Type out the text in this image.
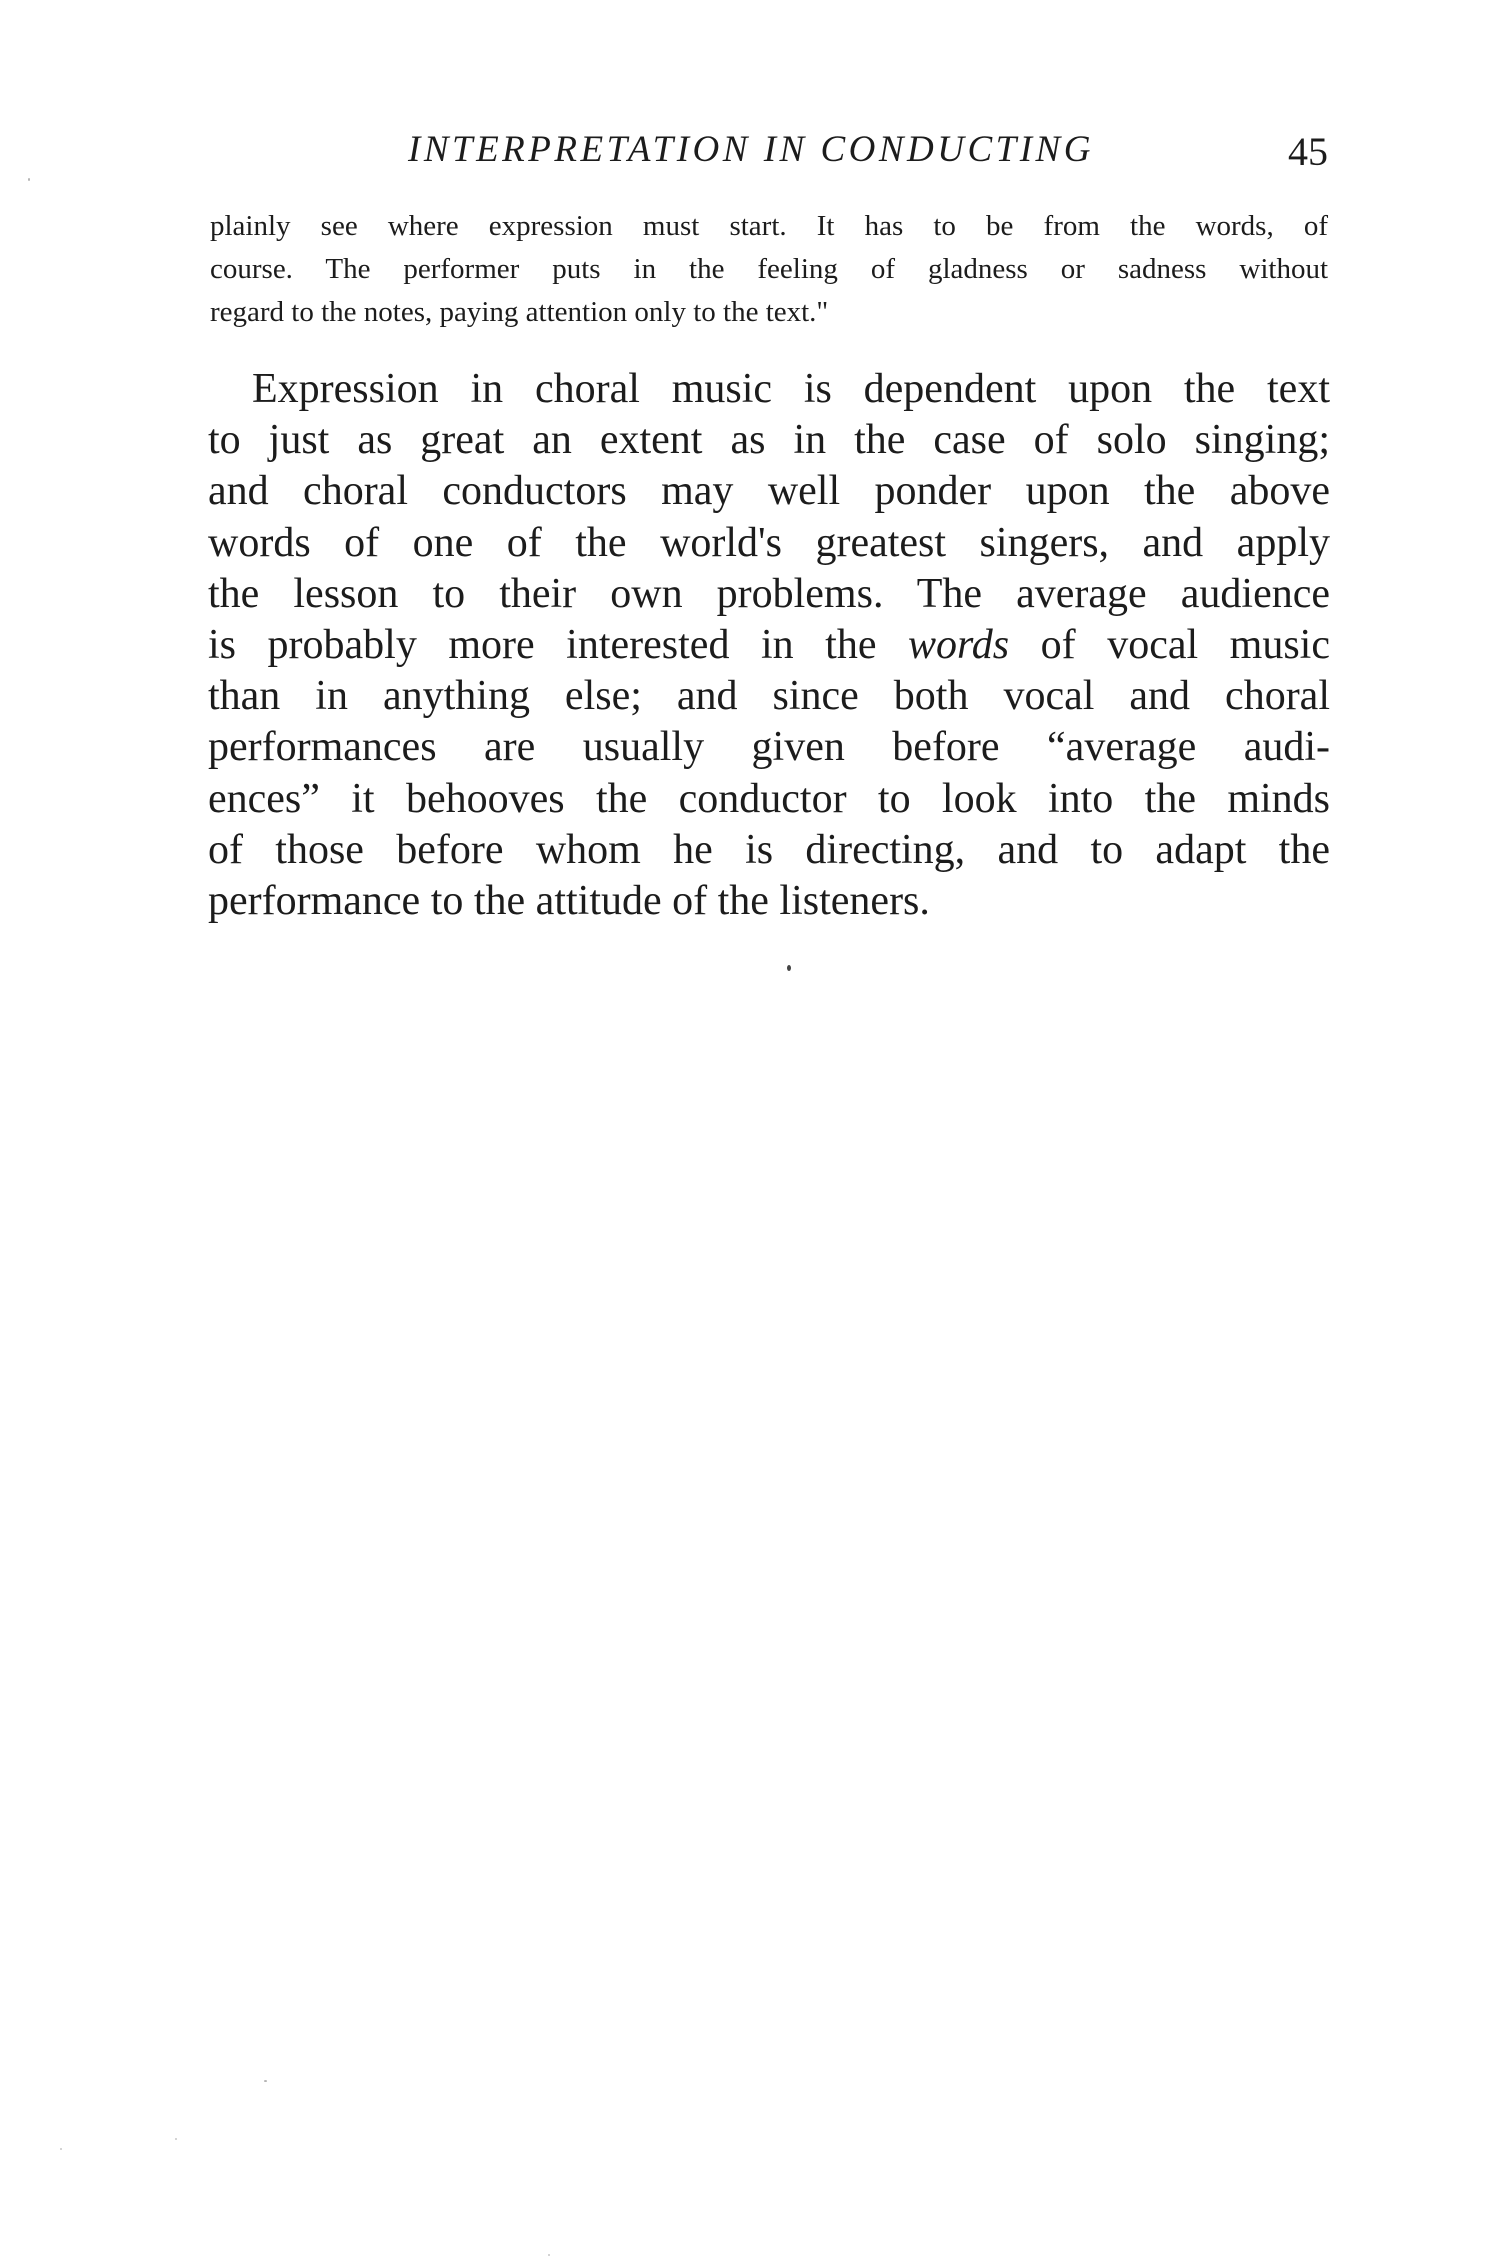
INTERPRETATION IN CONDUCTING	45
plainly see where expression must start. It has to be from the words, of
course. The performer puts in the feeling of gladness or sadness without
regard to the notes, paying attention only to the text."
Expression in choral music is dependent upon the text
to just as great an extent as in the case of solo singing;
and choral conductors may well ponder upon the above
words of one of the world's greatest singers, and apply
the lesson to their own problems. The average audience
is probably more interested in the words of vocal music
than in anything else; and since both vocal and choral
performances are usually given before “average audi-
ences” it behooves the conductor to look into the minds
of those before whom he is directing, and to adapt the
performance to the attitude of the listeners.
